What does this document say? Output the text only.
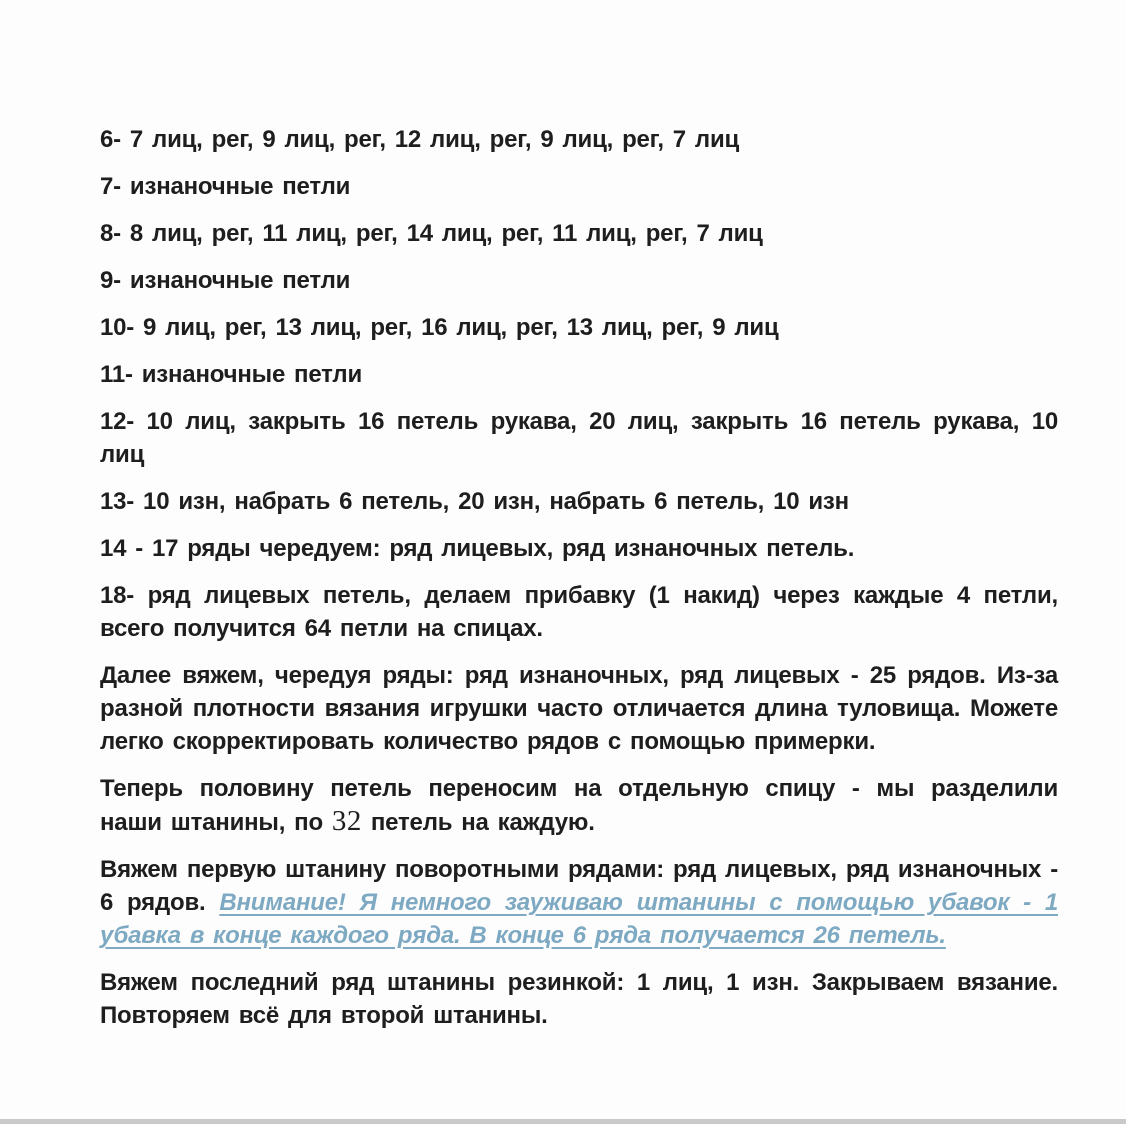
6- 7 лиц, рег, 9 лиц, рег, 12 лиц, рег, 9 лиц, рег, 7 лиц

7- изнаночные петли

8- 8 лиц, рег, 11 лиц, рег, 14 лиц, рег, 11 лиц, рег, 7 лиц

9- изнаночные петли

10- 9 лиц, рег, 13 лиц, рег, 16 лиц, рег, 13 лиц, рег, 9 лиц

11- изнаночные петли

12- 10 лиц, закрыть 16 петель рукава, 20 лиц, закрыть 16 петель рукава, 10 лиц

13- 10 изн, набрать 6 петель, 20 изн, набрать 6 петель, 10 изн

14 - 17 ряды чередуем: ряд лицевых, ряд изнаночных петель.

18- ряд лицевых петель, делаем прибавку (1 накид) через каждые 4 петли, всего получится 64 петли на спицах.

Далее вяжем, чередуя ряды: ряд изнаночных, ряд лицевых - 25 рядов. Из-за разной плотности вязания игрушки часто отличается длина туловища. Можете легко скорректировать количество рядов с помощью примерки.

Теперь половину петель переносим на отдельную спицу - мы разделили наши штанины, по 32 петель на каждую.

Вяжем первую штанину поворотными рядами: ряд лицевых, ряд изнаночных - 6 рядов. Внимание! Я немного зауживаю штанины с помощью убавок - 1 убавка в конце каждого ряда. В конце 6 ряда получается 26 петель.

Вяжем последний ряд штанины резинкой: 1 лиц, 1 изн. Закрываем вязание. Повторяем всё для второй штанины.
